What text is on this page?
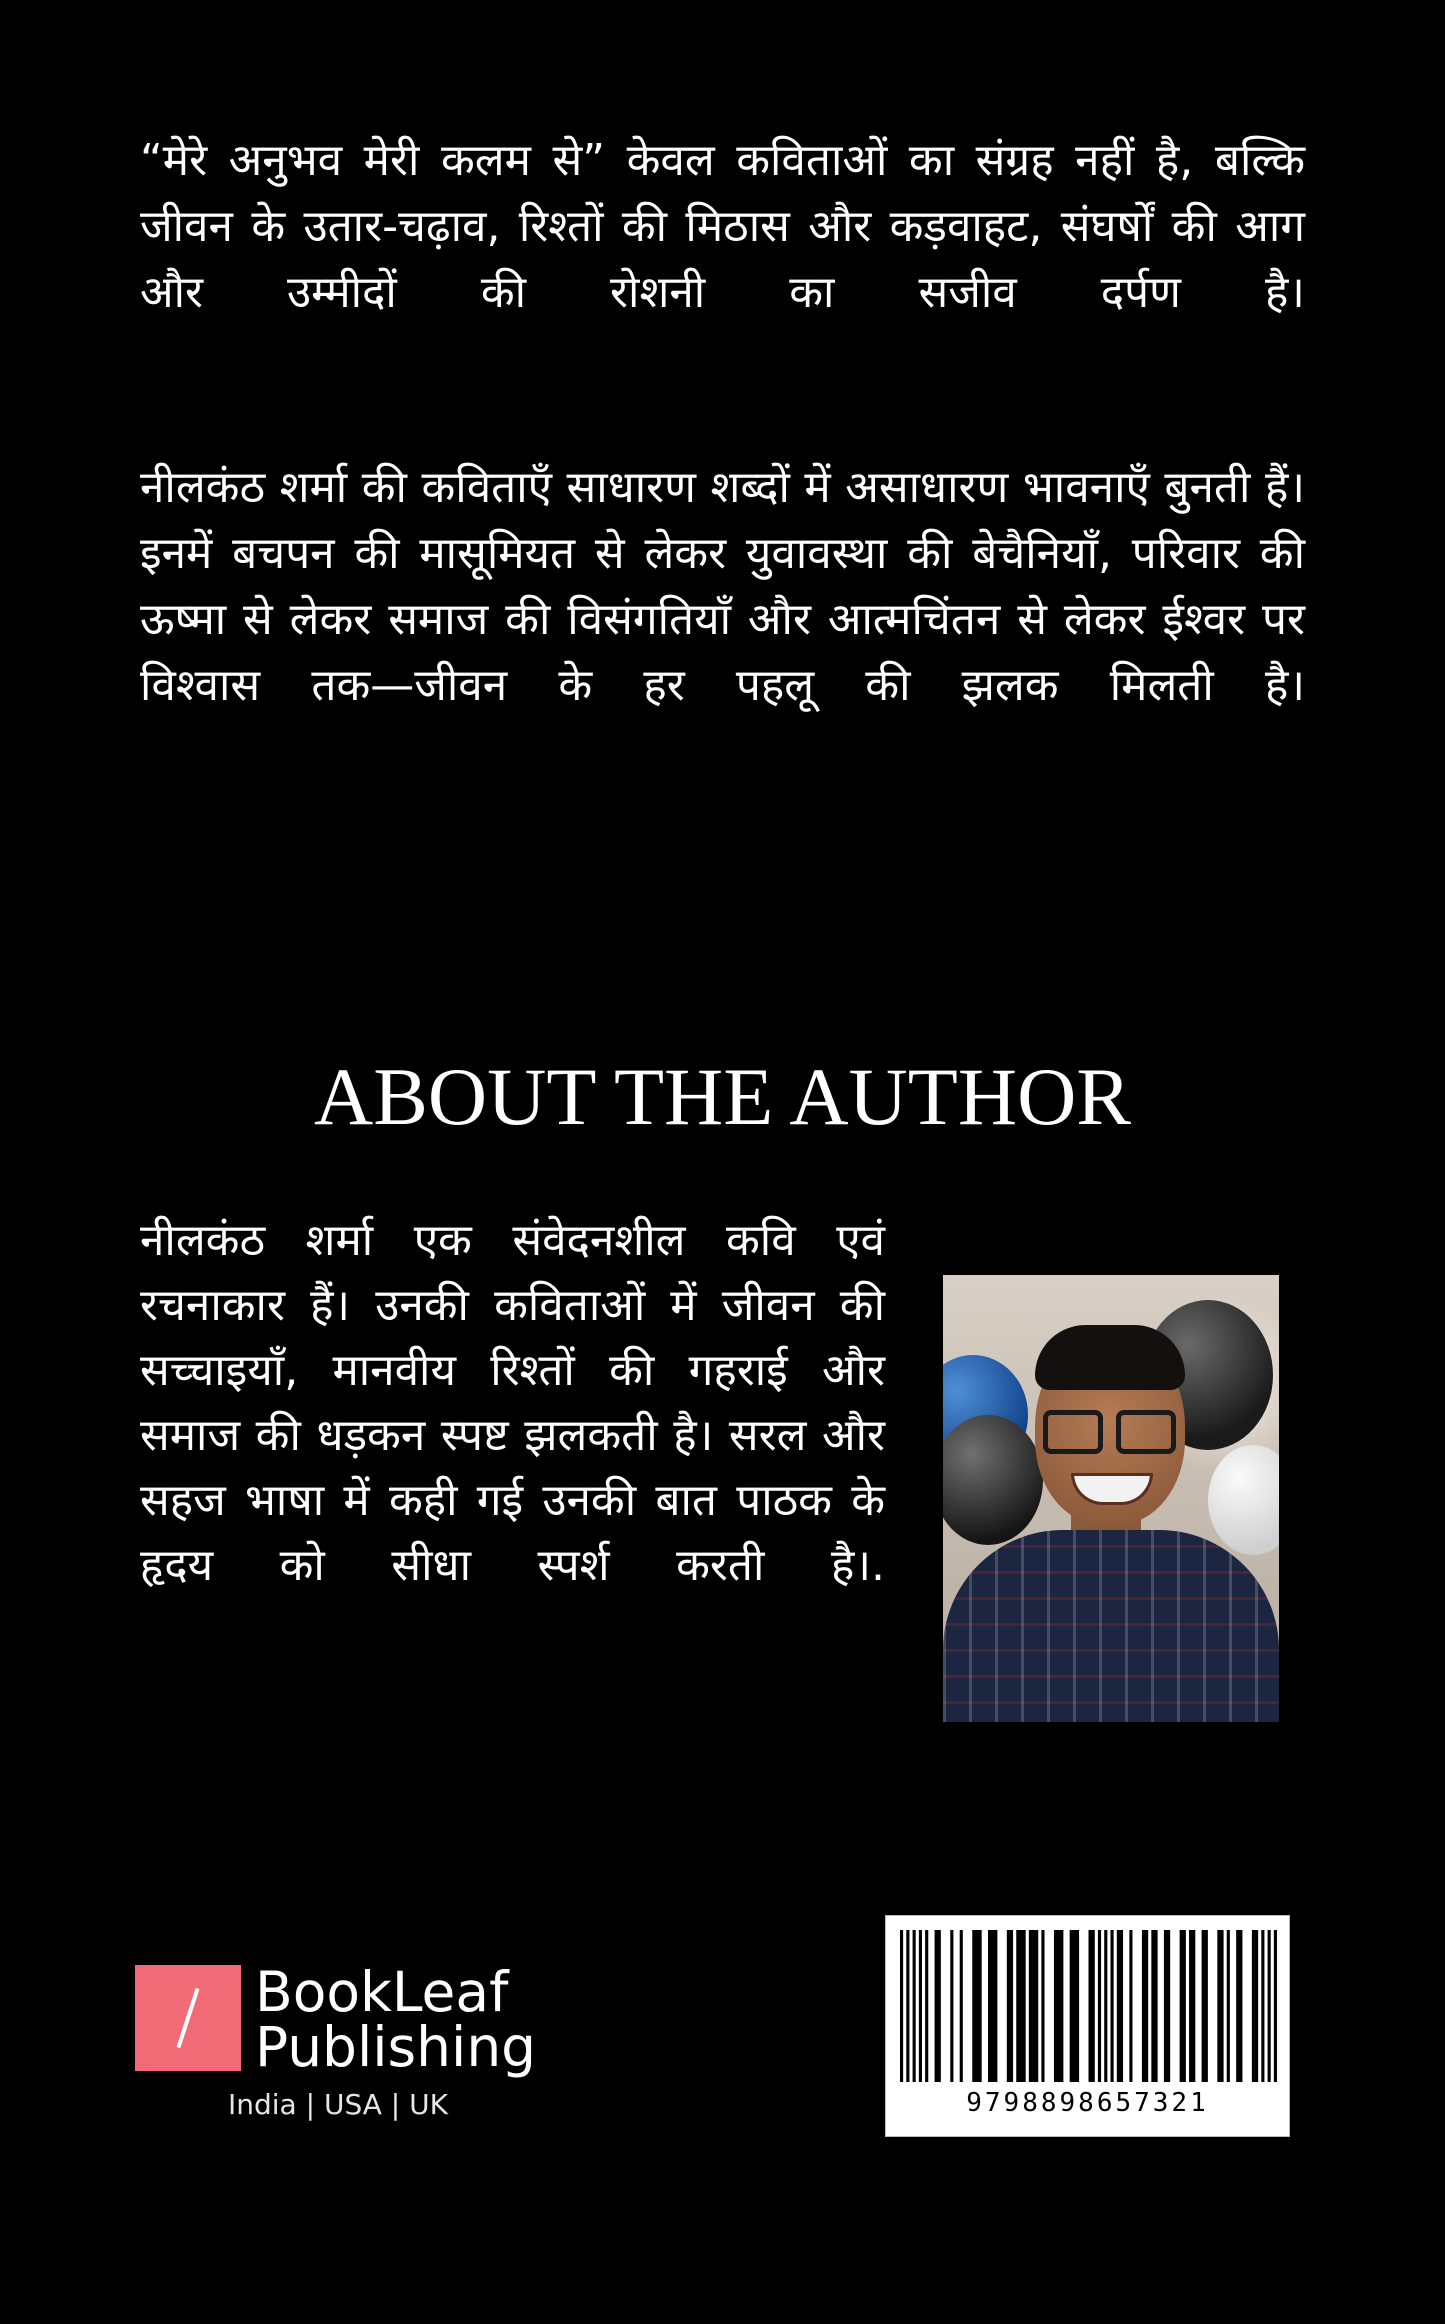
“मेरे अनुभव मेरी कलम से” केवल कविताओं का संग्रह नहीं है, बल्कि जीवन के उतार-चढ़ाव, रिश्तों की मिठास और कड़वाहट, संघर्षों की आग और उम्मीदों की रोशनी का सजीव दर्पण है।

नीलकंठ शर्मा की कविताएँ साधारण शब्दों में असाधारण भावनाएँ बुनती हैं। इनमें बचपन की मासूमियत से लेकर युवावस्था की बेचैनियाँ, परिवार की ऊष्मा से लेकर समाज की विसंगतियाँ और आत्मचिंतन से लेकर ईश्वर पर विश्वास तक—जीवन के हर पहलू की झलक मिलती है।

ABOUT THE AUTHOR

नीलकंठ शर्मा एक संवेदनशील कवि एवं रचनाकार हैं। उनकी कविताओं में जीवन की सच्चाइयाँ, मानवीय रिश्तों की गहराई और समाज की धड़कन स्पष्ट झलकती है। सरल और सहज भाषा में कही गई उनकी बात पाठक के हृदय को सीधा स्पर्श करती है।.

BookLeaf
Publishing
India | USA | UK	9798898657321
